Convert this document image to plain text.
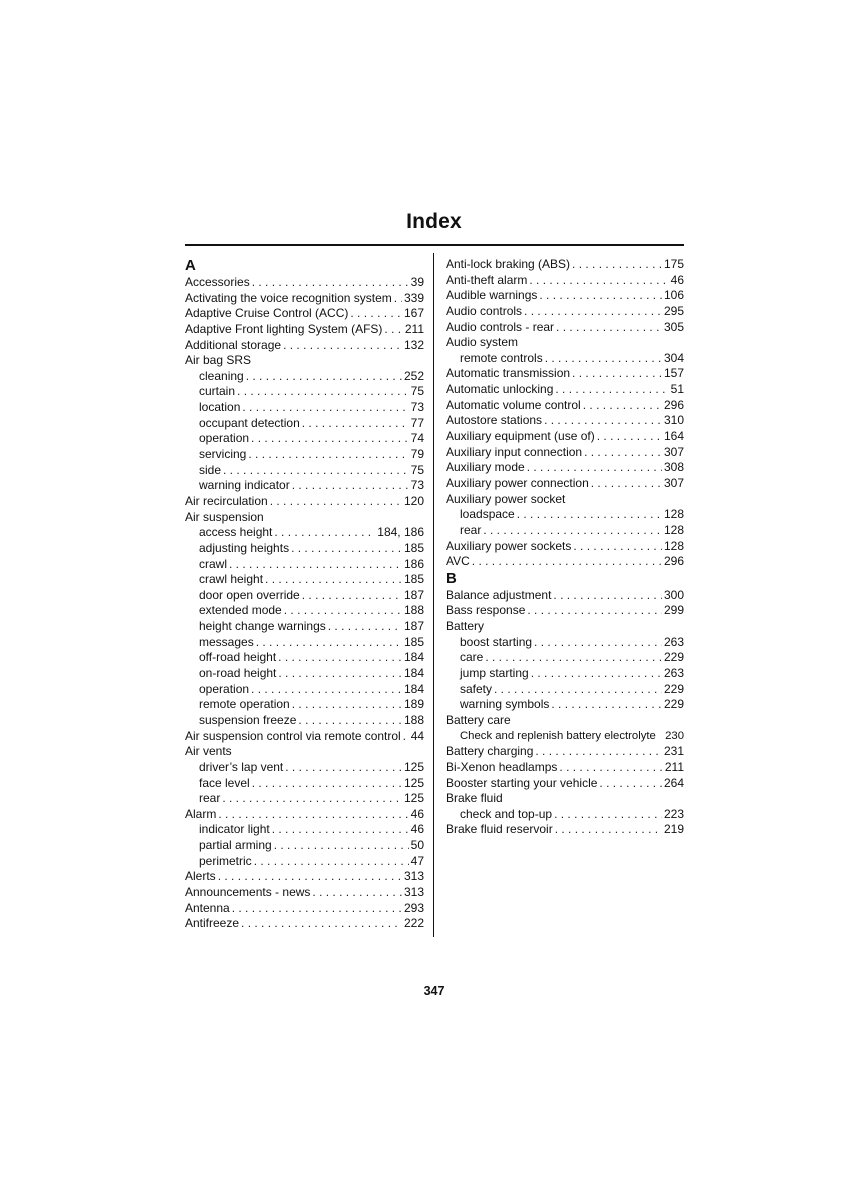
Index
A
Accessories . . .	39
Activating the voice recognition system . . . 339
Adaptive Cruise Control (ACC) . . .	167
Adaptive Front lighting System (AFS) . . . 211
Additional storage . . .	132
Air bag SRS
cleaning . . .	252
curtain . . .	75
location . . .	73
occupant detection . . .	77
operation . . .	74
servicing . . .	79
side . . .	75
warning indicator . . .	73
Air recirculation . . .	120
Air suspension
access height . . .	184, 186
adjusting heights . . .	185
crawl . . .	186
crawl height . . .	185
door open override . . .	187
extended mode . . .	188
height change warnings . . .	187
messages . . .	185
off-road height . . .	184
on-road height . . .	184
operation . . .	184
remote operation . . .	189
suspension freeze . . .	188
Air suspension control via remote control . . . 44
Air vents
driver’s lap vent . . .	125
face level . . .	125
rear . . .	125
Alarm . . .	46
indicator light . . .	46
partial arming . . .	50
perimetric . . .	47
Alerts . . .	313
Announcements - news . . .	313
Antenna . . .	293
Antifreeze . . .	222
Anti-lock braking (ABS) . . .	175
Anti-theft alarm . . .	46
Audible warnings . . .	106
Audio controls . . .	295
Audio controls - rear . . .	305
Audio system
remote controls . . .	304
Automatic transmission . . .	157
Automatic unlocking . . .	51
Automatic volume control . . .	296
Autostore stations . . .	310
Auxiliary equipment (use of) . . .	164
Auxiliary input connection . . .	307
Auxiliary mode . . .	308
Auxiliary power connection . . .	307
Auxiliary power socket
loadspace . . .	128
rear . . .	128
Auxiliary power sockets . . .	128
AVC . . .	296
B
Balance adjustment . . .	300
Bass response . . .	299
Battery
boost starting . . .	263
care . . .	229
jump starting . . .	263
safety . . .	229
warning symbols . . .	229
Battery care
Check and replenish battery electrolyte 230
Battery charging . . .	231
Bi-Xenon headlamps . . .	211
Booster starting your vehicle . . .	264
Brake fluid
check and top-up . . .	223
Brake fluid reservoir . . .	219
347
